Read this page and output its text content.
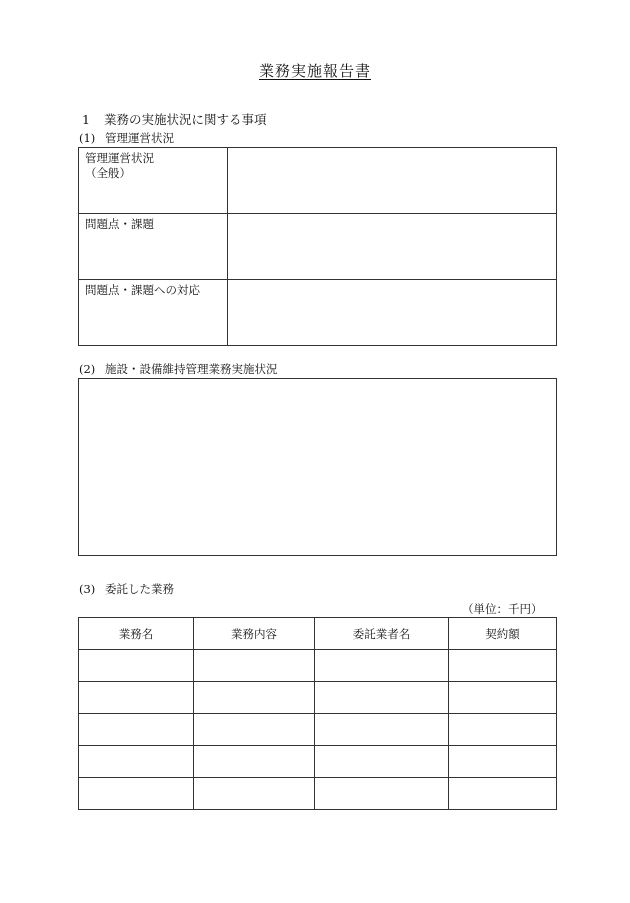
業務実施報告書
1 業務の実施状況に関する事項
(1) 管理運営状況
管理運営状況
（全般）	

問題点・課題	

問題点・課題への対応	

(2) 施設・設備維持管理業務実施状況
(3) 委託した業務
（単位：千円）
業務名	業務内容	委託業者名	契約額
